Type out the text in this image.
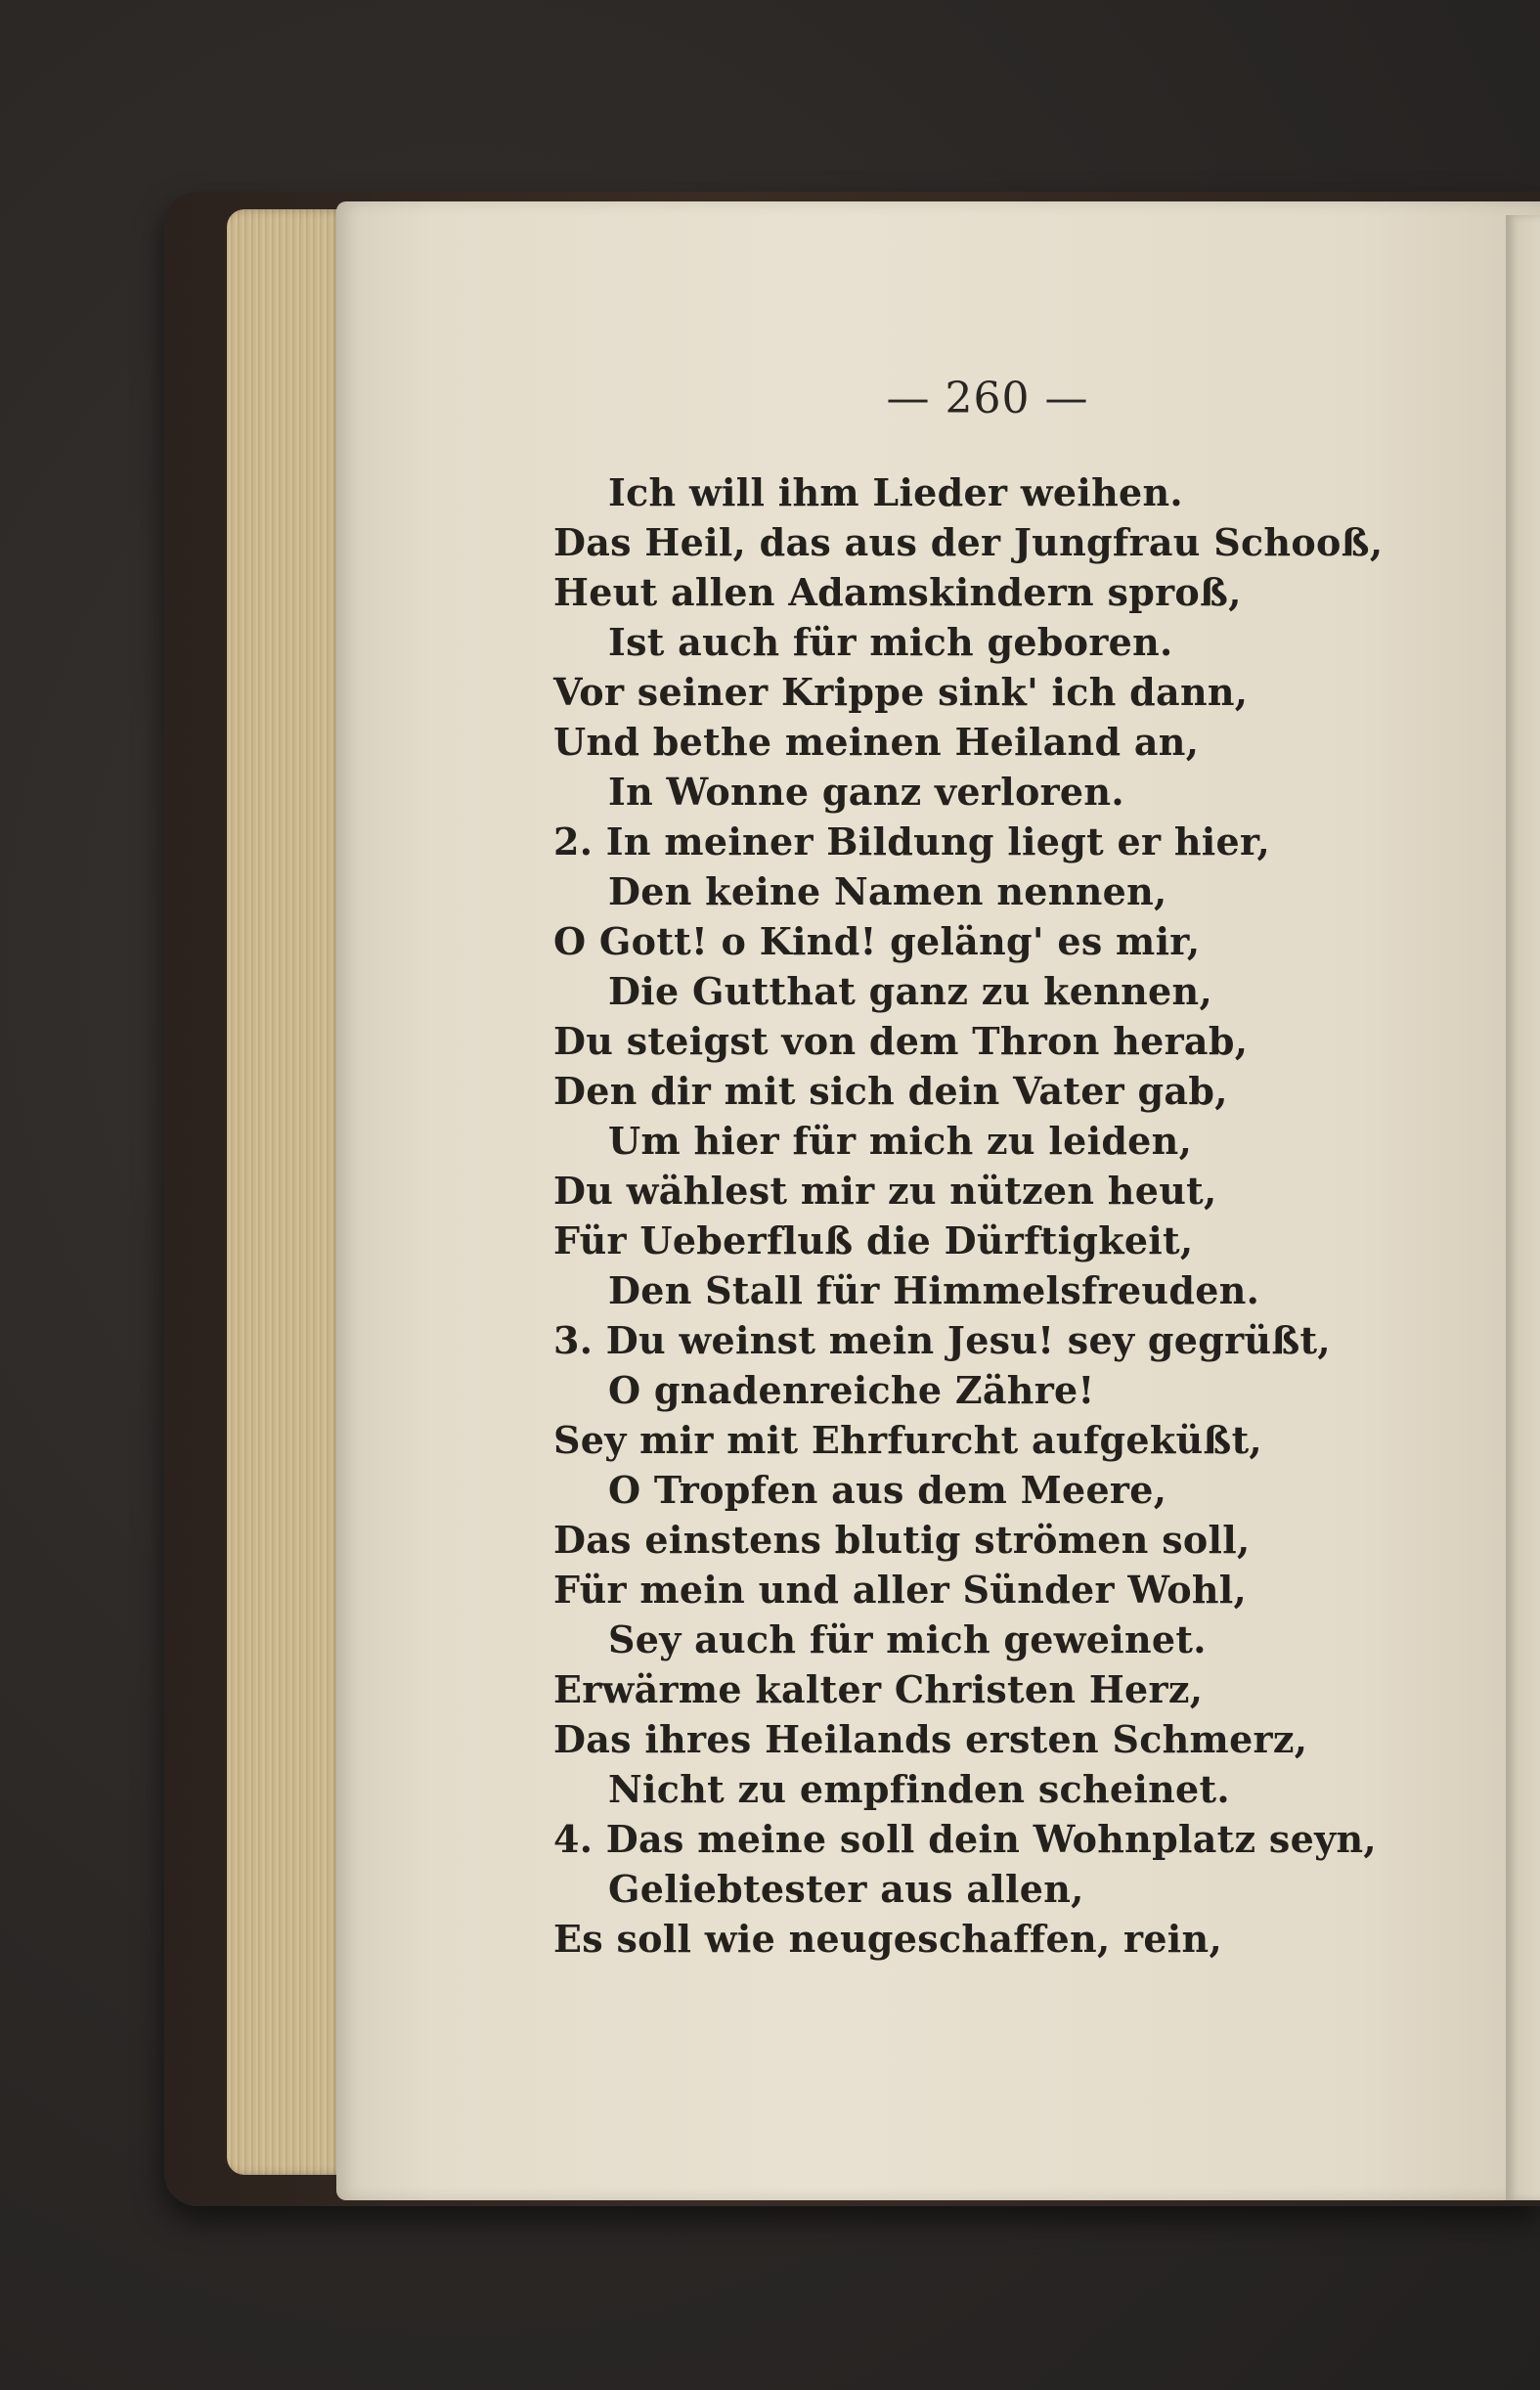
— 260 —
Ich will ihm Lieder weihen.
Das Heil, das aus der Jungfrau Schooß,
Heut allen Adamskindern sproß,
Ist auch für mich geboren.
Vor seiner Krippe sink' ich dann,
Und bethe meinen Heiland an,
In Wonne ganz verloren.
2. In meiner Bildung liegt er hier,
Den keine Namen nennen,
O Gott! o Kind! geläng' es mir,
Die Gutthat ganz zu kennen,
Du steigst von dem Thron herab,
Den dir mit sich dein Vater gab,
Um hier für mich zu leiden,
Du wählest mir zu nützen heut,
Für Ueberfluß die Dürftigkeit,
Den Stall für Himmelsfreuden.
3. Du weinst mein Jesu! sey gegrüßt,
O gnadenreiche Zähre!
Sey mir mit Ehrfurcht aufgeküßt,
O Tropfen aus dem Meere,
Das einstens blutig strömen soll,
Für mein und aller Sünder Wohl,
Sey auch für mich geweinet.
Erwärme kalter Christen Herz,
Das ihres Heilands ersten Schmerz,
Nicht zu empfinden scheinet.
4. Das meine soll dein Wohnplatz seyn,
Geliebtester aus allen,
Es soll wie neugeschaffen, rein,
